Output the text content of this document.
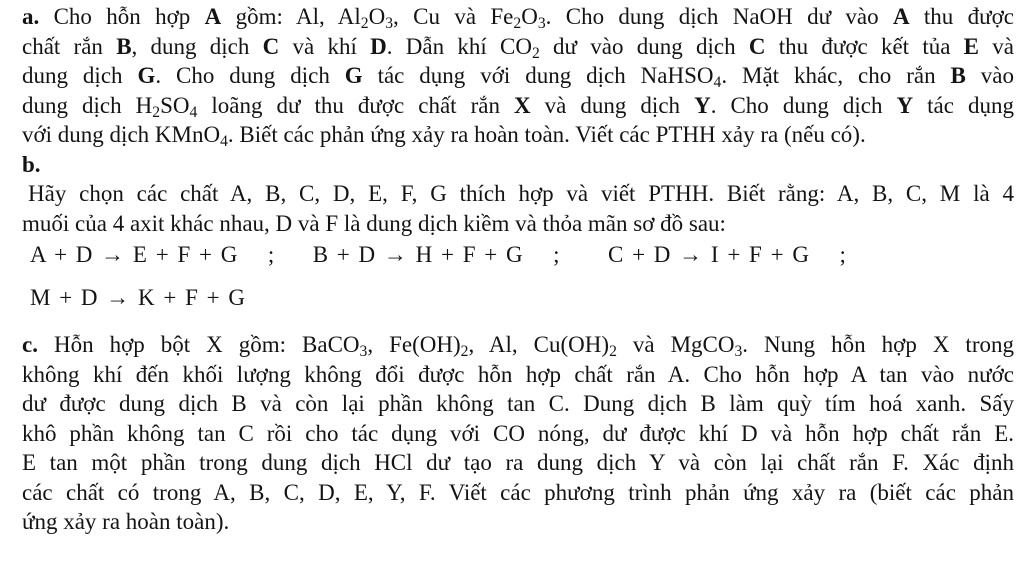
a. Cho hỗn hợp A gồm: Al, $Al_2O_3$, Cu và $Fe_2O_3$. Cho dung dịch NaOH dư vào A thu được
chất rắn B, dung dịch C và khí D. Dẫn khí $CO_2$ dư vào dung dịch C thu được kết tủa E và
dung dịch G. Cho dung dịch G tác dụng với dung dịch NaHSO$_4$. Mặt khác, cho rắn B vào
dung dịch $H_2SO_4$ loãng dư thu được chất rắn X và dung dịch Y. Cho dung dịch Y tác dụng
với dung dịch KMnO$_4$. Biết các phản ứng xảy ra hoàn toàn. Viết các PTHH xảy ra (nếu có).
b.
Hãy chọn các chất A, B, C, D, E, F, G thích hợp và viết PTHH. Biết rằng: A, B, C, M là 4
muối của 4 axit khác nhau, D và F là dung dịch kiềm và thỏa mãn sơ đồ sau:
A + D → E + F + G ; B + D → H + F + G ; C + D → I + F + G ;
M + D → K + F + G
c. Hỗn hợp bột X gồm: BaCO$_3$, $Fe(OH)_2$, Al, $Cu(OH)_2$ và MgCO$_3$. Nung hỗn hợp X trong
không khí đến khối lượng không đổi được hỗn hợp chất rắn A. Cho hỗn hợp A tan vào nước
dư được dung dịch B và còn lại phần không tan C. Dung dịch B làm quỳ tím hoá xanh. Sấy
khô phần không tan C rồi cho tác dụng với CO nóng, dư được khí D và hỗn hợp chất rắn E.
E tan một phần trong dung dịch HCl dư tạo ra dung dịch Y và còn lại chất rắn F. Xác định
các chất có trong A, B, C, D, E, Y, F. Viết các phương trình phản ứng xảy ra (biết các phản
ứng xảy ra hoàn toàn).
